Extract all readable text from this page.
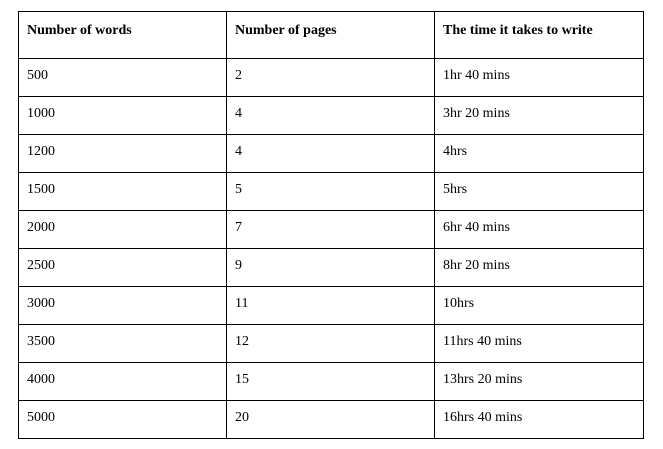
Number of words	Number of pages	The time it takes to write
500	2	1hr 40 mins
1000	4	3hr 20 mins
1200	4	4hrs
1500	5	5hrs
2000	7	6hr 40 mins
2500	9	8hr 20 mins
3000	11	10hrs
3500	12	11hrs 40 mins
4000	15	13hrs 20 mins
5000	20	16hrs 40 mins
